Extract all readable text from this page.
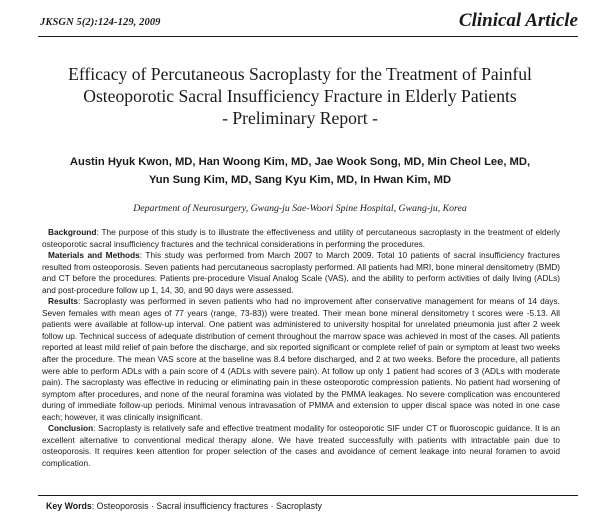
JKSGN 5(2):124-129, 2009	Clinical Article
Efficacy of Percutaneous Sacroplasty for the Treatment of Painful
Osteoporotic Sacral Insufficiency Fracture in Elderly Patients
- Preliminary Report -
Austin Hyuk Kwon, MD, Han Woong Kim, MD, Jae Wook Song, MD, Min Cheol Lee, MD,
Yun Sung Kim, MD, Sang Kyu Kim, MD, In Hwan Kim, MD
Department of Neurosurgery, Gwang-ju Sae-Woori Spine Hospital, Gwang-ju, Korea

Background: The purpose of this study is to illustrate the effectiveness and utility of percutaneous sacroplasty in the treatment of elderly osteoporotic sacral insufficiency fractures and the technical considerations in performing the procedures.

Materials and Methods: This study was performed from March 2007 to March 2009. Total 10 patients of sacral insufficiency fractures resulted from osteoporosis. Seven patients had percutaneous sacroplasty performed. All patients had MRI, bone mineral densitometry (BMD) and CT before the procedures. Patients pre-procedure Visual Analog Scale (VAS), and the ability to perform activities of daily living (ADLs) and post-procedure follow up 1, 14, 30, and 90 days were assessed.

Results: Sacroplasty was performed in seven patients who had no improvement after conservative management for means of 14 days. Seven females with mean ages of 77 years (range, 73-83)) were treated. Their mean bone mineral densitometry t scores were -5.13. All patients were available at follow-up interval. One patient was administered to university hospital for unrelated pneumonia just after 2 week follow up. Technical success of adequate distribution of cement throughout the marrow space was achieved in most of the cases. All patients reported at least mild relief of pain before the discharge, and six reported significant or complete relief of pain or symptom at least two weeks after the procedure. The mean VAS score at the baseline was 8.4 before discharged, and 2 at two weeks. Before the procedure, all patients were able to perform ADLs with a pain score of 4 (ADLs with severe pain). At follow up only 1 patient had scores of 3 (ADLs with moderate pain). The sacroplasty was effective in reducing or eliminating pain in these osteoporotic compression patients. No patient had worsening of symptom after procedures, and none of the neural foramina was violated by the PMMA leakages. No severe complication was encountered during of immediate follow-up periods. Minimal venous intravasation of PMMA and extension to upper discal space was noted in one case each; however, it was clinically insignificant.

Conclusion: Sacroplasty is relatively safe and effective treatment modality for osteoporotic SIF under CT or fluoroscopic guidance. It is an excellent alternative to conventional medical therapy alone. We have treated successfully with patients with intractable pain due to osteoporosis. It requires keen attention for proper selection of the cases and avoidance of cement leakage into neural foramen to avoid complication.

Key Words: Osteoporosis · Sacral insufficiency fractures · Sacroplasty
